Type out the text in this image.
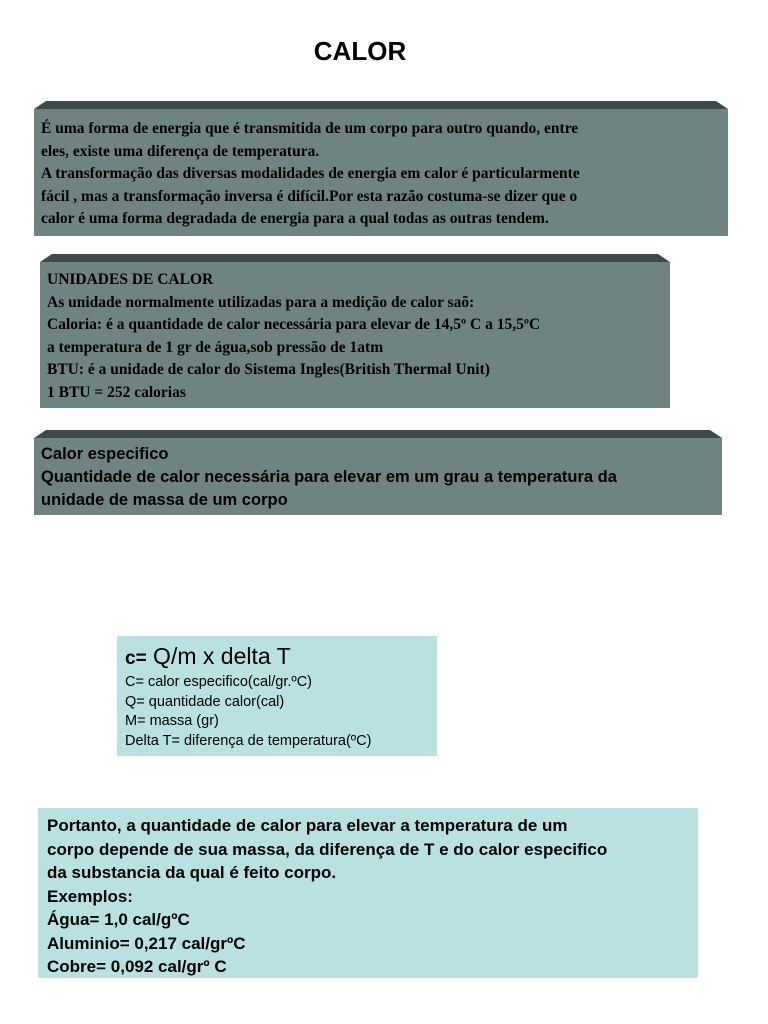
CALOR
É uma forma de energia que é transmitida de um corpo para outro quando, entre
eles, existe uma diferença de temperatura.
A transformação das diversas modalidades de energia em calor é particularmente
fácil , mas a transformação inversa é difícil.Por esta razão costuma-se dizer que o
calor é uma forma degradada de energia para a qual todas as outras tendem.
UNIDADES DE CALOR
As unidade normalmente utilizadas para a medição de calor saõ:
Caloria: é a quantidade de calor necessária para elevar de 14,5º C a 15,5ºC
a temperatura de 1 gr de água,sob pressão de 1atm
BTU: é a unidade de calor do Sistema Ingles(British Thermal Unit)
1 BTU = 252 calorias
Calor especifico
Quantidade de calor necessária para elevar em um grau a temperatura da
unidade de massa de um corpo
c= Q/m x delta T
C= calor especifico(cal/gr.ºC)
Q= quantidade calor(cal)
M= massa (gr)
Delta T= diferença de temperatura(ºC)
Portanto, a quantidade de calor para elevar a temperatura de um
corpo depende de sua massa, da diferença de T e do calor especifico
da substancia da qual é feito corpo.
Exemplos:
Água= 1,0 cal/gºC
Aluminio= 0,217 cal/grºC
Cobre= 0,092 cal/grº C
